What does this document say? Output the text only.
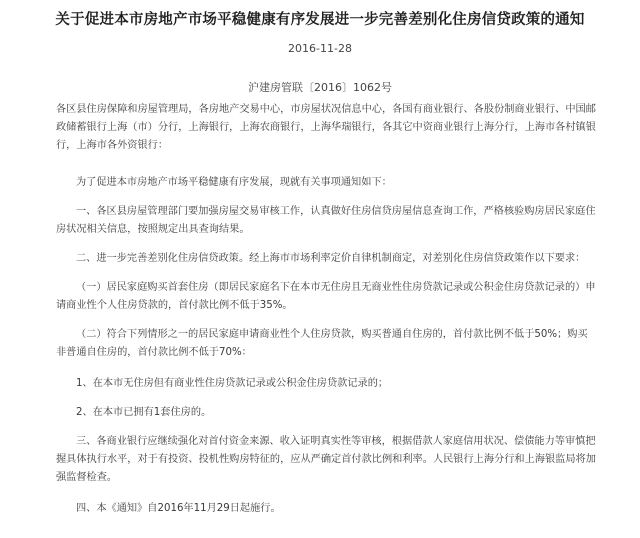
关于促进本市房地产市场平稳健康有序发展进一步完善差别化住房信贷政策的通知
2016-11-28
沪建房管联〔2016〕1062号

各区县住房保障和房屋管理局，各房地产交易中心，市房屋状况信息中心，各国有商业银行、各股份制商业银行、中国邮政储蓄银行上海（市）分行，上海银行，上海农商银行，上海华瑞银行，各其它中资商业银行上海分行，上海市各村镇银行，上海市各外资银行：

为了促进本市房地产市场平稳健康有序发展，现就有关事项通知如下：

一、各区县房屋管理部门要加强房屋交易审核工作，认真做好住房信贷房屋信息查询工作，严格核验购房居民家庭住房状况相关信息，按照规定出具查询结果。

二、进一步完善差别化住房信贷政策。经上海市市场利率定价自律机制商定，对差别化住房信贷政策作以下要求：

（一）居民家庭购买首套住房（即居民家庭名下在本市无住房且无商业性住房贷款记录或公积金住房贷款记录的）申请商业性个人住房贷款的，首付款比例不低于35%。

（二）符合下列情形之一的居民家庭申请商业性个人住房贷款，购买普通自住房的，首付款比例不低于50%；购买非普通自住房的，首付款比例不低于70%：

1、在本市无住房但有商业性住房贷款记录或公积金住房贷款记录的；

2、在本市已拥有1套住房的。

三、各商业银行应继续强化对首付资金来源、收入证明真实性等审核，根据借款人家庭信用状况、偿债能力等审慎把握具体执行水平，对于有投资、投机性购房特征的，应从严确定首付款比例和利率。人民银行上海分行和上海银监局将加强监督检查。

四、本《通知》自2016年11月29日起施行。
